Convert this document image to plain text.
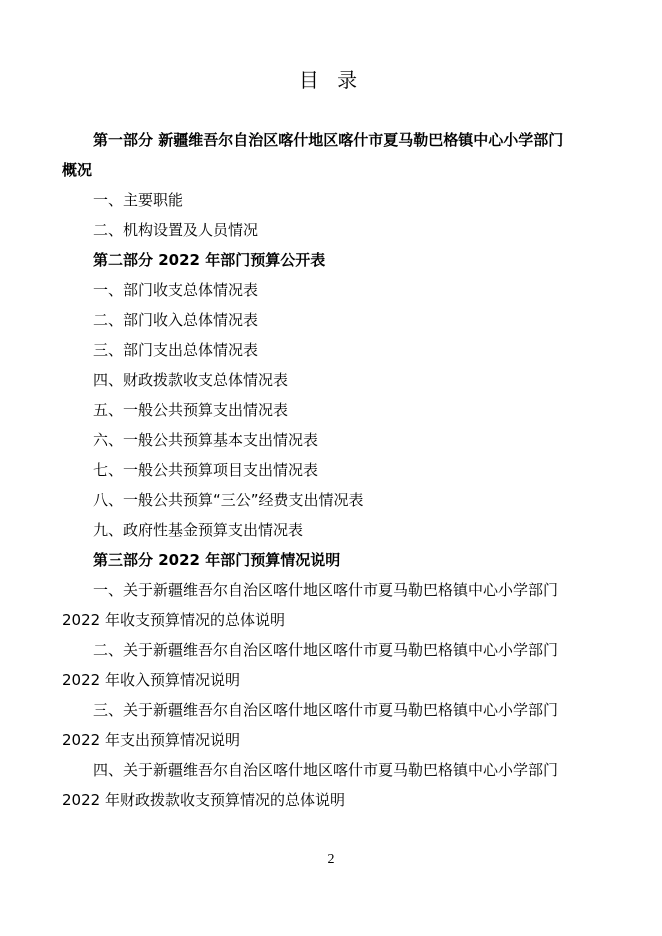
目 录
第一部分 新疆维吾尔自治区喀什地区喀什市夏马勒巴格镇中心小学部门
概况
一、主要职能
二、机构设置及人员情况
第二部分 2022 年部门预算公开表
一、部门收支总体情况表
二、部门收入总体情况表
三、部门支出总体情况表
四、财政拨款收支总体情况表
五、一般公共预算支出情况表
六、一般公共预算基本支出情况表
七、一般公共预算项目支出情况表
八、一般公共预算“三公”经费支出情况表
九、政府性基金预算支出情况表
第三部分 2022 年部门预算情况说明
一、关于新疆维吾尔自治区喀什地区喀什市夏马勒巴格镇中心小学部门
2022 年收支预算情况的总体说明
二、关于新疆维吾尔自治区喀什地区喀什市夏马勒巴格镇中心小学部门
2022 年收入预算情况说明
三、关于新疆维吾尔自治区喀什地区喀什市夏马勒巴格镇中心小学部门
2022 年支出预算情况说明
四、关于新疆维吾尔自治区喀什地区喀什市夏马勒巴格镇中心小学部门
2022 年财政拨款收支预算情况的总体说明
2
